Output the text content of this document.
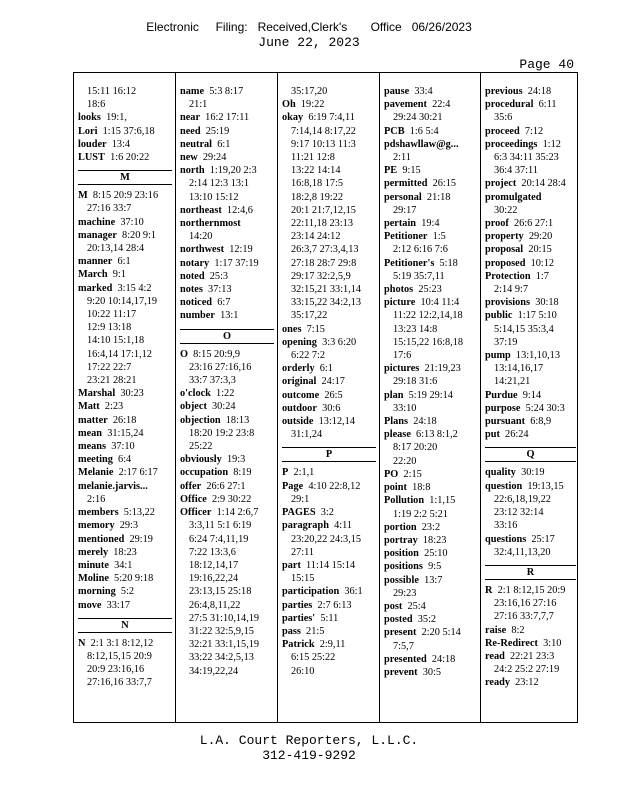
Electronic     Filing:   Received,Clerk's       Office   06/26/2023
June 22, 2023
Page 40
15:11 16:12
18:6
looks 19:1,
Lori 1:15 37:6,18
louder 13:4
LUST 1:6 20:22
M
M 8:15 20:9 23:16
27:16 33:7
machine 37:10
manager 8:20 9:1
20:13,14 28:4
manner 6:1
March 9:1
marked 3:15 4:2
9:20 10:14,17,19
10:22 11:17
12:9 13:18
14:10 15:1,18
16:4,14 17:1,12
17:22 22:7
23:21 28:21
Marshal 30:23
Matt 2:23
matter 26:18
mean 31:15,24
means 37:10
meeting 6:4
Melanie 2:17 6:17
melanie.jarvis...
2:16
members 5:13,22
memory 29:3
mentioned 29:19
merely 18:23
minute 34:1
Moline 5:20 9:18
morning 5:2
move 33:17
N
N 2:1 3:1 8:12,12
8:12,15,15 20:9
20:9 23:16,16
27:16,16 33:7,7
name 5:3 8:17
21:1
near 16:2 17:11
need 25:19
neutral 6:1
new 29:24
north 1:19,20 2:3
2:14 12:3 13:1
13:10 15:12
northeast 12:4,6
northernmost
14:20
northwest 12:19
notary 1:17 37:19
noted 25:3
notes 37:13
noticed 6:7
number 13:1
O
O 8:15 20:9,9
23:16 27:16,16
33:7 37:3,3
o'clock 1:22
object 30:24
objection 18:13
18:20 19:2 23:8
25:22
obviously 19:3
occupation 8:19
offer 26:6 27:1
Office 2:9 30:22
Officer 1:14 2:6,7
3:3,11 5:1 6:19
6:24 7:4,11,19
7:22 13:3,6
18:12,14,17
19:16,22,24
23:13,15 25:18
26:4,8,11,22
27:5 31:10,14,19
31:22 32:5,9,15
32:21 33:1,15,19
33:22 34:2,5,13
34:19,22,24
35:17,20
Oh 19:22
okay 6:19 7:4,11
7:14,14 8:17,22
9:17 10:13 11:3
11:21 12:8
13:22 14:14
16:8,18 17:5
18:2,8 19:22
20:1 21:7,12,15
22:11,18 23:13
23:14 24:12
26:3,7 27:3,4,13
27:18 28:7 29:8
29:17 32:2,5,9
32:15,21 33:1,14
33:15,22 34:2,13
35:17,22
ones 7:15
opening 3:3 6:20
6:22 7:2
orderly 6:1
original 24:17
outcome 26:5
outdoor 30:6
outside 13:12,14
31:1,24
P
P 2:1,1
Page 4:10 22:8,12
29:1
PAGES 3:2
paragraph 4:11
23:20,22 24:3,15
27:11
part 11:14 15:14
15:15
participation 36:1
parties 2:7 6:13
parties' 5:11
pass 21:5
Patrick 2:9,11
6:15 25:22
26:10
pause 33:4
pavement 22:4
29:24 30:21
PCB 1:6 5:4
pdshawllaw@g...
2:11
PE 9:15
permitted 26:15
personal 21:18
29:17
pertain 19:4
Petitioner 1:5
2:12 6:16 7:6
Petitioner's 5:18
5:19 35:7,11
photos 25:23
picture 10:4 11:4
11:22 12:2,14,18
13:23 14:8
15:15,22 16:8,18
17:6
pictures 21:19,23
29:18 31:6
plan 5:19 29:14
33:10
Plans 24:18
please 6:13 8:1,2
8:17 20:20
22:20
PO 2:15
point 18:8
Pollution 1:1,15
1:19 2:2 5:21
portion 23:2
portray 18:23
position 25:10
positions 9:5
possible 13:7
29:23
post 25:4
posted 35:2
present 2:20 5:14
7:5,7
presented 24:18
prevent 30:5
previous 24:18
procedural 6:11
35:6
proceed 7:12
proceedings 1:12
6:3 34:11 35:23
36:4 37:11
project 20:14 28:4
promulgated
30:22
proof 26:6 27:1
property 29:20
proposal 20:15
proposed 10:12
Protection 1:7
2:14 9:7
provisions 30:18
public 1:17 5:10
5:14,15 35:3,4
37:19
pump 13:1,10,13
13:14,16,17
14:21,21
Purdue 9:14
purpose 5:24 30:3
pursuant 6:8,9
put 26:24
Q
quality 30:19
question 19:13,15
22:6,18,19,22
23:12 32:14
33:16
questions 25:17
32:4,11,13,20
R
R 2:1 8:12,15 20:9
23:16,16 27:16
27:16 33:7,7,7
raise 8:2
Re-Redirect 3:10
read 22:21 23:3
24:2 25:2 27:19
ready 23:12
L.A. Court Reporters, L.L.C.
312-419-9292
